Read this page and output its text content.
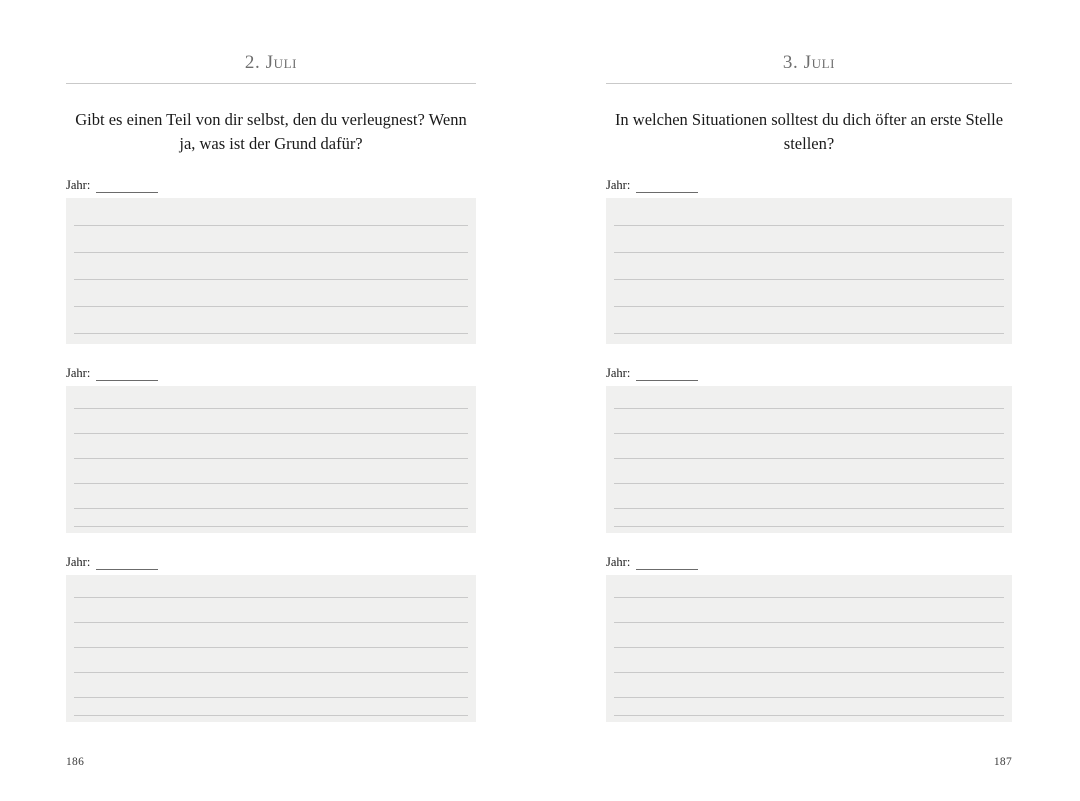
2. Juli
Gibt es einen Teil von dir selbst, den du verleugnest? Wenn ja, was ist der Grund dafür?
Jahr:
Jahr:
Jahr:
186
3. Juli
In welchen Situationen solltest du dich öfter an erste Stelle stellen?
Jahr:
Jahr:
Jahr:
187
